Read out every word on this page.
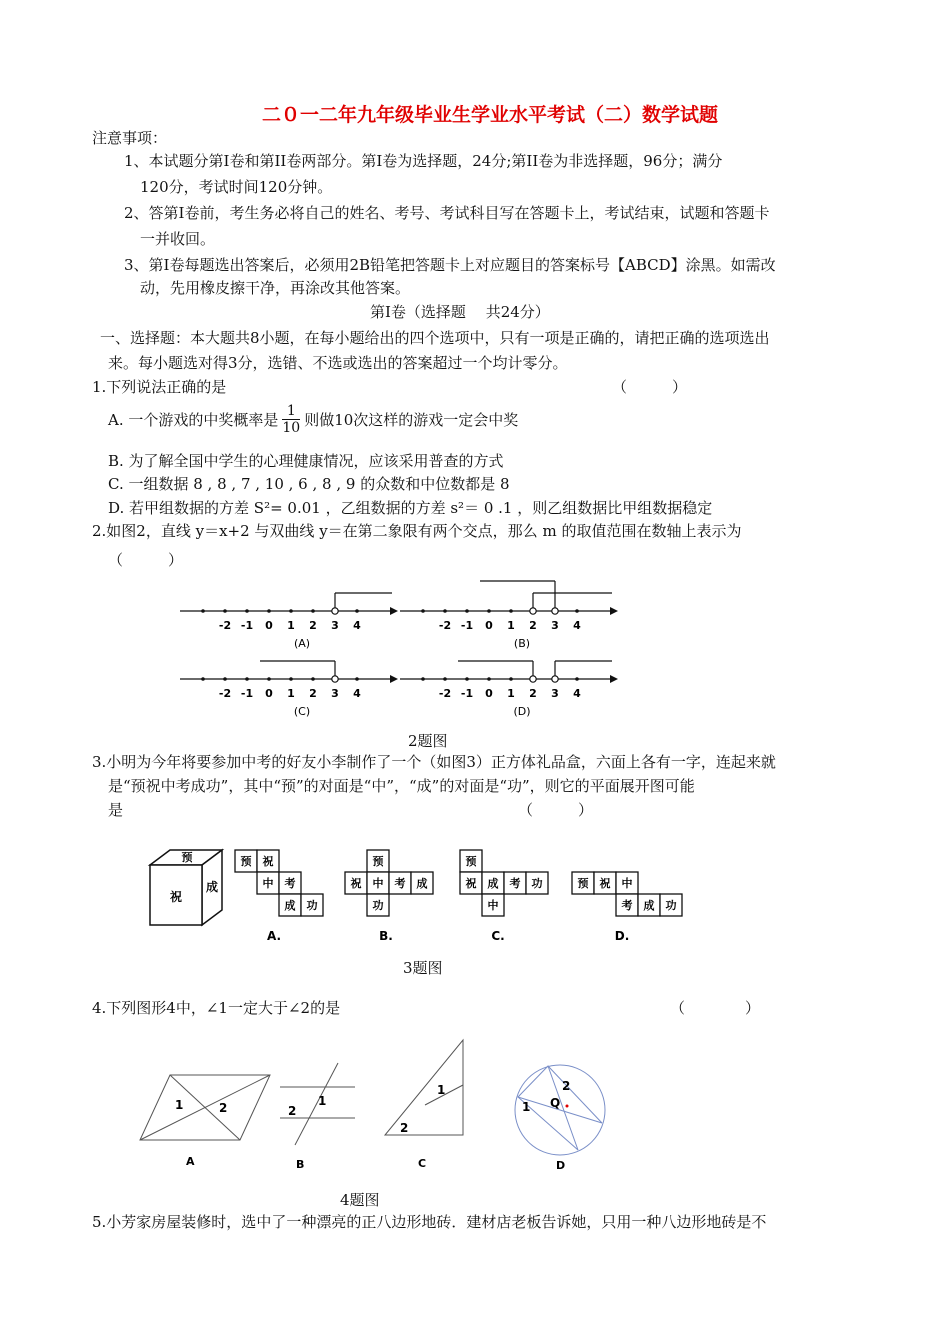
二０一二年九年级毕业生学业水平考试（二）数学试题
注意事项：
1、本试题分第Ⅰ卷和第II卷两部分。第Ⅰ卷为选择题，24分;第II卷为非选择题，96分；满分
120分，考试时间120分钟。
2、答第Ⅰ卷前，考生务必将自己的姓名、考号、考试科目写在答题卡上，考试结束，试题和答题卡
一并收回。
3、第Ⅰ卷每题选出答案后，必须用2B铅笔把答题卡上对应题目的答案标号【ABCD】涂黑。如需改
动，先用橡皮擦干净，再涂改其他答案。
第Ⅰ卷（选择题　 共24分）
一、选择题：本大题共8小题，在每小题给出的四个选项中，只有一项是正确的，请把正确的选项选出
来。每小题选对得3分，选错、不选或选出的答案超过一个均计零分。
1.下列说法正确的是	（　　　）
A. 一个游戏的中奖概率是 $\frac{1}{10}$ 则做10次这样的游戏一定会中奖
B. 为了解全国中学生的心理健康情况，应该采用普查的方式
C. 一组数据 8 , 8 , 7 , 10 , 6 , 8 , 9 的众数和中位数都是 8
D. 若甲组数据的方差 S²= 0.01 ，乙组数据的方差 s²＝ 0 .1 ，则乙组数据比甲组数据稳定
2.如图2，直线 y＝x+2 与双曲线 y＝在第二象限有两个交点，那么 m 的取值范围在数轴上表示为
（　　　）
-2 -1 0 1 2 3 4
(A)
-2 -1 0 1 2 3 4
(B)
-2 -1 0 1 2 3 4
(C)
-2 -1 0 1 2 3 4
(D)
2题图
3.小明为今年将要参加中考的好友小李制作了一个（如图3）正方体礼品盒，六面上各有一字，连起来就
是“预祝中考成功”，其中“预”的对面是“中”，“成”的对面是“功”，则它的平面展开图可能
是	（　　　）
预
祝
成
预 祝
中 考
成 功
预
祝 中 考 成
功
预
祝 成 考 功
中
预 祝 中
考 成 功
A.	B.	C.	D.
3题图
4.下列图形4中，∠1一定大于∠2的是	（　　　　）
1	2
A
1
2
B
1
2
C
1
2
Q
D
4题图
5.小芳家房屋装修时，选中了一种漂亮的正八边形地砖．建材店老板告诉她，只用一种八边形地砖是不
